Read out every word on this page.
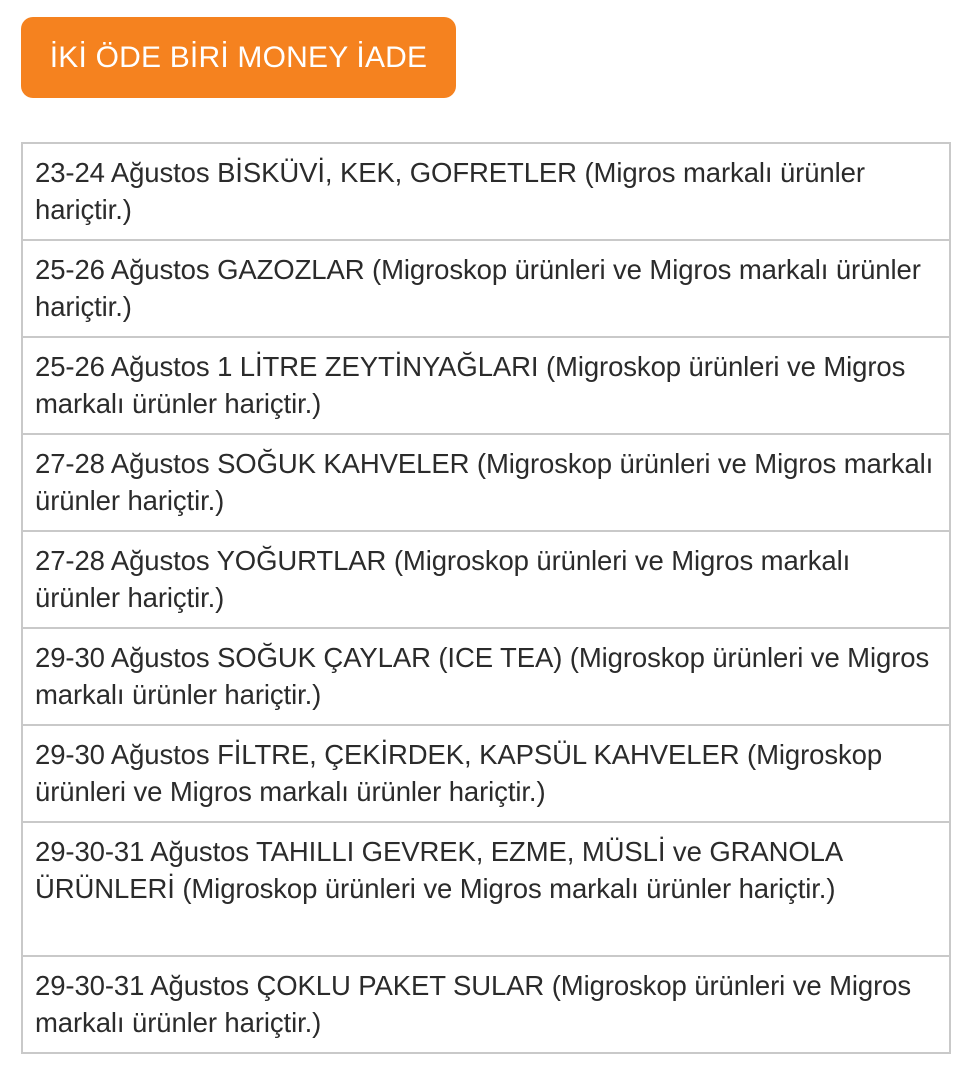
İKİ ÖDE BİRİ MONEY İADE
23-24 Ağustos BİSKÜVİ, KEK, GOFRETLER (Migros markalı ürünler hariçtir.)
25-26 Ağustos GAZOZLAR (Migroskop ürünleri ve Migros markalı ürünler hariçtir.)
25-26 Ağustos 1 LİTRE ZEYTİNYAĞLARI (Migroskop ürünleri ve Migros markalı ürünler hariçtir.)
27-28 Ağustos SOĞUK KAHVELER (Migroskop ürünleri ve Migros markalı ürünler hariçtir.)
27-28 Ağustos YOĞURTLAR (Migroskop ürünleri ve Migros markalı ürünler hariçtir.)
29-30 Ağustos SOĞUK ÇAYLAR (ICE TEA) (Migroskop ürünleri ve Migros markalı ürünler hariçtir.)
29-30 Ağustos FİLTRE, ÇEKİRDEK, KAPSÜL KAHVELER (Migroskop ürünleri ve Migros markalı ürünler hariçtir.)
29-30-31 Ağustos TAHILLI GEVREK, EZME, MÜSLİ ve GRANOLA ÜRÜNLERİ (Migroskop ürünleri ve Migros markalı ürünler hariçtir.)
29-30-31 Ağustos ÇOKLU PAKET SULAR (Migroskop ürünleri ve Migros markalı ürünler hariçtir.)
